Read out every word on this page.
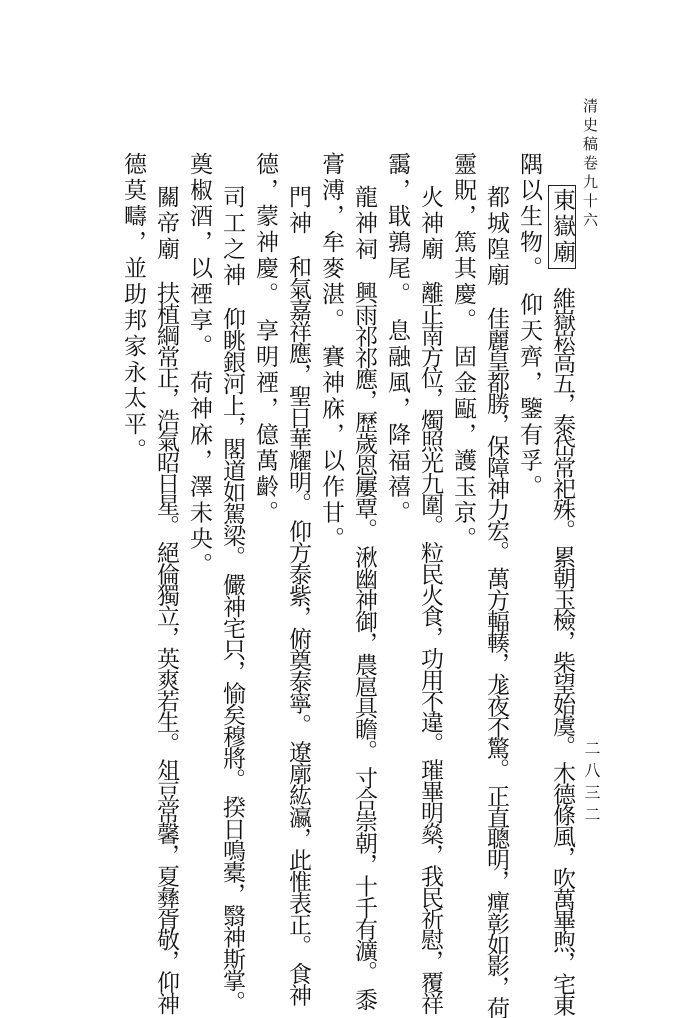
清史稿卷九十六
二八三二
東嶽廟維嶽崧高五，泰岱常祀殊。 累朝玉檢，柴望始虞。 木德條風，吹萬畢煦，宅東
隅以生物。 仰天齊，鑒有孚。
都城隍廟佳麗皇都勝，保障神力宏。 萬方輻輳，尨夜不驚。 正直聰明，癉彰如影，荷
靈貺，篤其慶。 固金甌，護玉京。
火神廟離正南方位，燭照光九圍。 粒民火食，功用不違。 璀畢明燊，我民祈慰，覆祥
靄，戢鶉尾。 息融風，降福禧。
龍神祠興雨祁祁應，歷歲恩屢覃。 湫幽神御，農扈具瞻。 寸合崇朝，十千有瀇。 黍
膏溥，牟麥湛。 賽神庥，以作甘。
門神和氣嘉祥應，聖日華耀明。 仰方泰紫，俯奠泰寧。 遼廓紘瀛，此惟表正。 食神
德，蒙神慶。 享明禋，億萬齡。
司工之神仰眺銀河上，閣道如駕梁。 儼神宅只，愉矣穆將。 揆日鳴橐，翳神斯掌。
奠椒酒，以禋享。 荷神庥，澤未央。
關帝廟扶植綱常正，浩氣昭日星。 絕倫獨立，英爽若生。 俎豆常馨，夏彝胥敬，仰神
德莫疇，並助邦家永太平。
